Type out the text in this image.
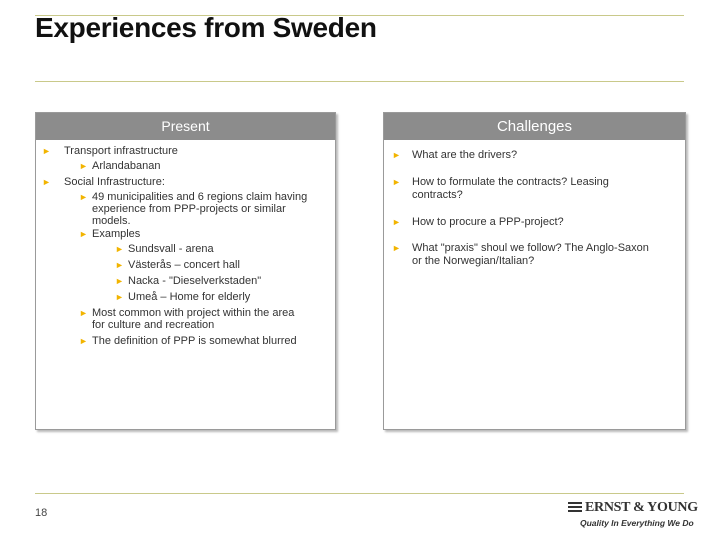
Experiences from Sweden
Present
► Transport infrastructure
► Arlandabanan
► Social Infrastructure:
► 49 municipalities and 6 regions claim having
experience from PPP-projects or similar
models.
► Examples
► Sundsvall - arena
► Västerås – concert hall
► Nacka - "Dieselverkstaden"
► Umeå – Home for elderly
► Most common with project within the area
for culture and recreation
► The definition of PPP is somewhat blurred
Challenges
► What are the drivers?
► How to formulate the contracts? Leasing contracts?
► How to procure a PPP-project?
► What "praxis" shoul we follow? The Anglo-Saxon or the Norwegian/Italian?
18	ERNST & YOUNG
Quality In Everything We Do
